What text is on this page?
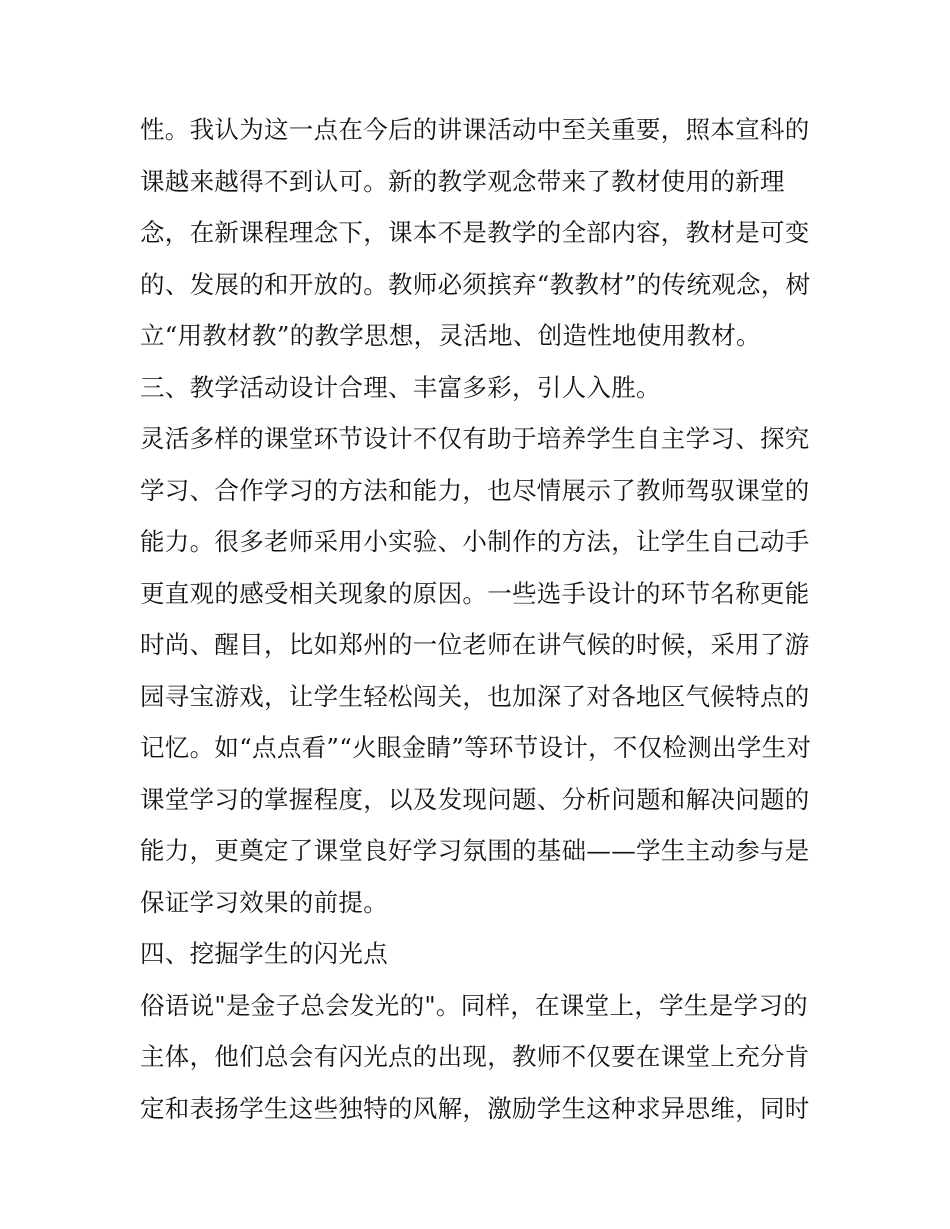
性。我认为这一点在今后的讲课活动中至关重要，照本宣科的
课越来越得不到认可。新的教学观念带来了教材使用的新理
念，在新课程理念下，课本不是教学的全部内容，教材是可变
的、发展的和开放的。教师必须摈弃“教教材”的传统观念，树
立“用教材教”的教学思想，灵活地、创造性地使用教材。
三、教学活动设计合理、丰富多彩，引人入胜。
灵活多样的课堂环节设计不仅有助于培养学生自主学习、探究
学习、合作学习的方法和能力，也尽情展示了教师驾驭课堂的
能力。很多老师采用小实验、小制作的方法，让学生自己动手
更直观的感受相关现象的原因。一些选手设计的环节名称更能
时尚、醒目，比如郑州的一位老师在讲气候的时候，采用了游
园寻宝游戏，让学生轻松闯关，也加深了对各地区气候特点的
记忆。如“点点看”“火眼金睛”等环节设计，不仅检测出学生对
课堂学习的掌握程度，以及发现问题、分析问题和解决问题的
能力，更奠定了课堂良好学习氛围的基础——学生主动参与是
保证学习效果的前提。
四、挖掘学生的闪光点
俗语说"是金子总会发光的"。同样，在课堂上，学生是学习的
主体，他们总会有闪光点的出现，教师不仅要在课堂上充分肯
定和表扬学生这些独特的风解，激励学生这种求异思维，同时
